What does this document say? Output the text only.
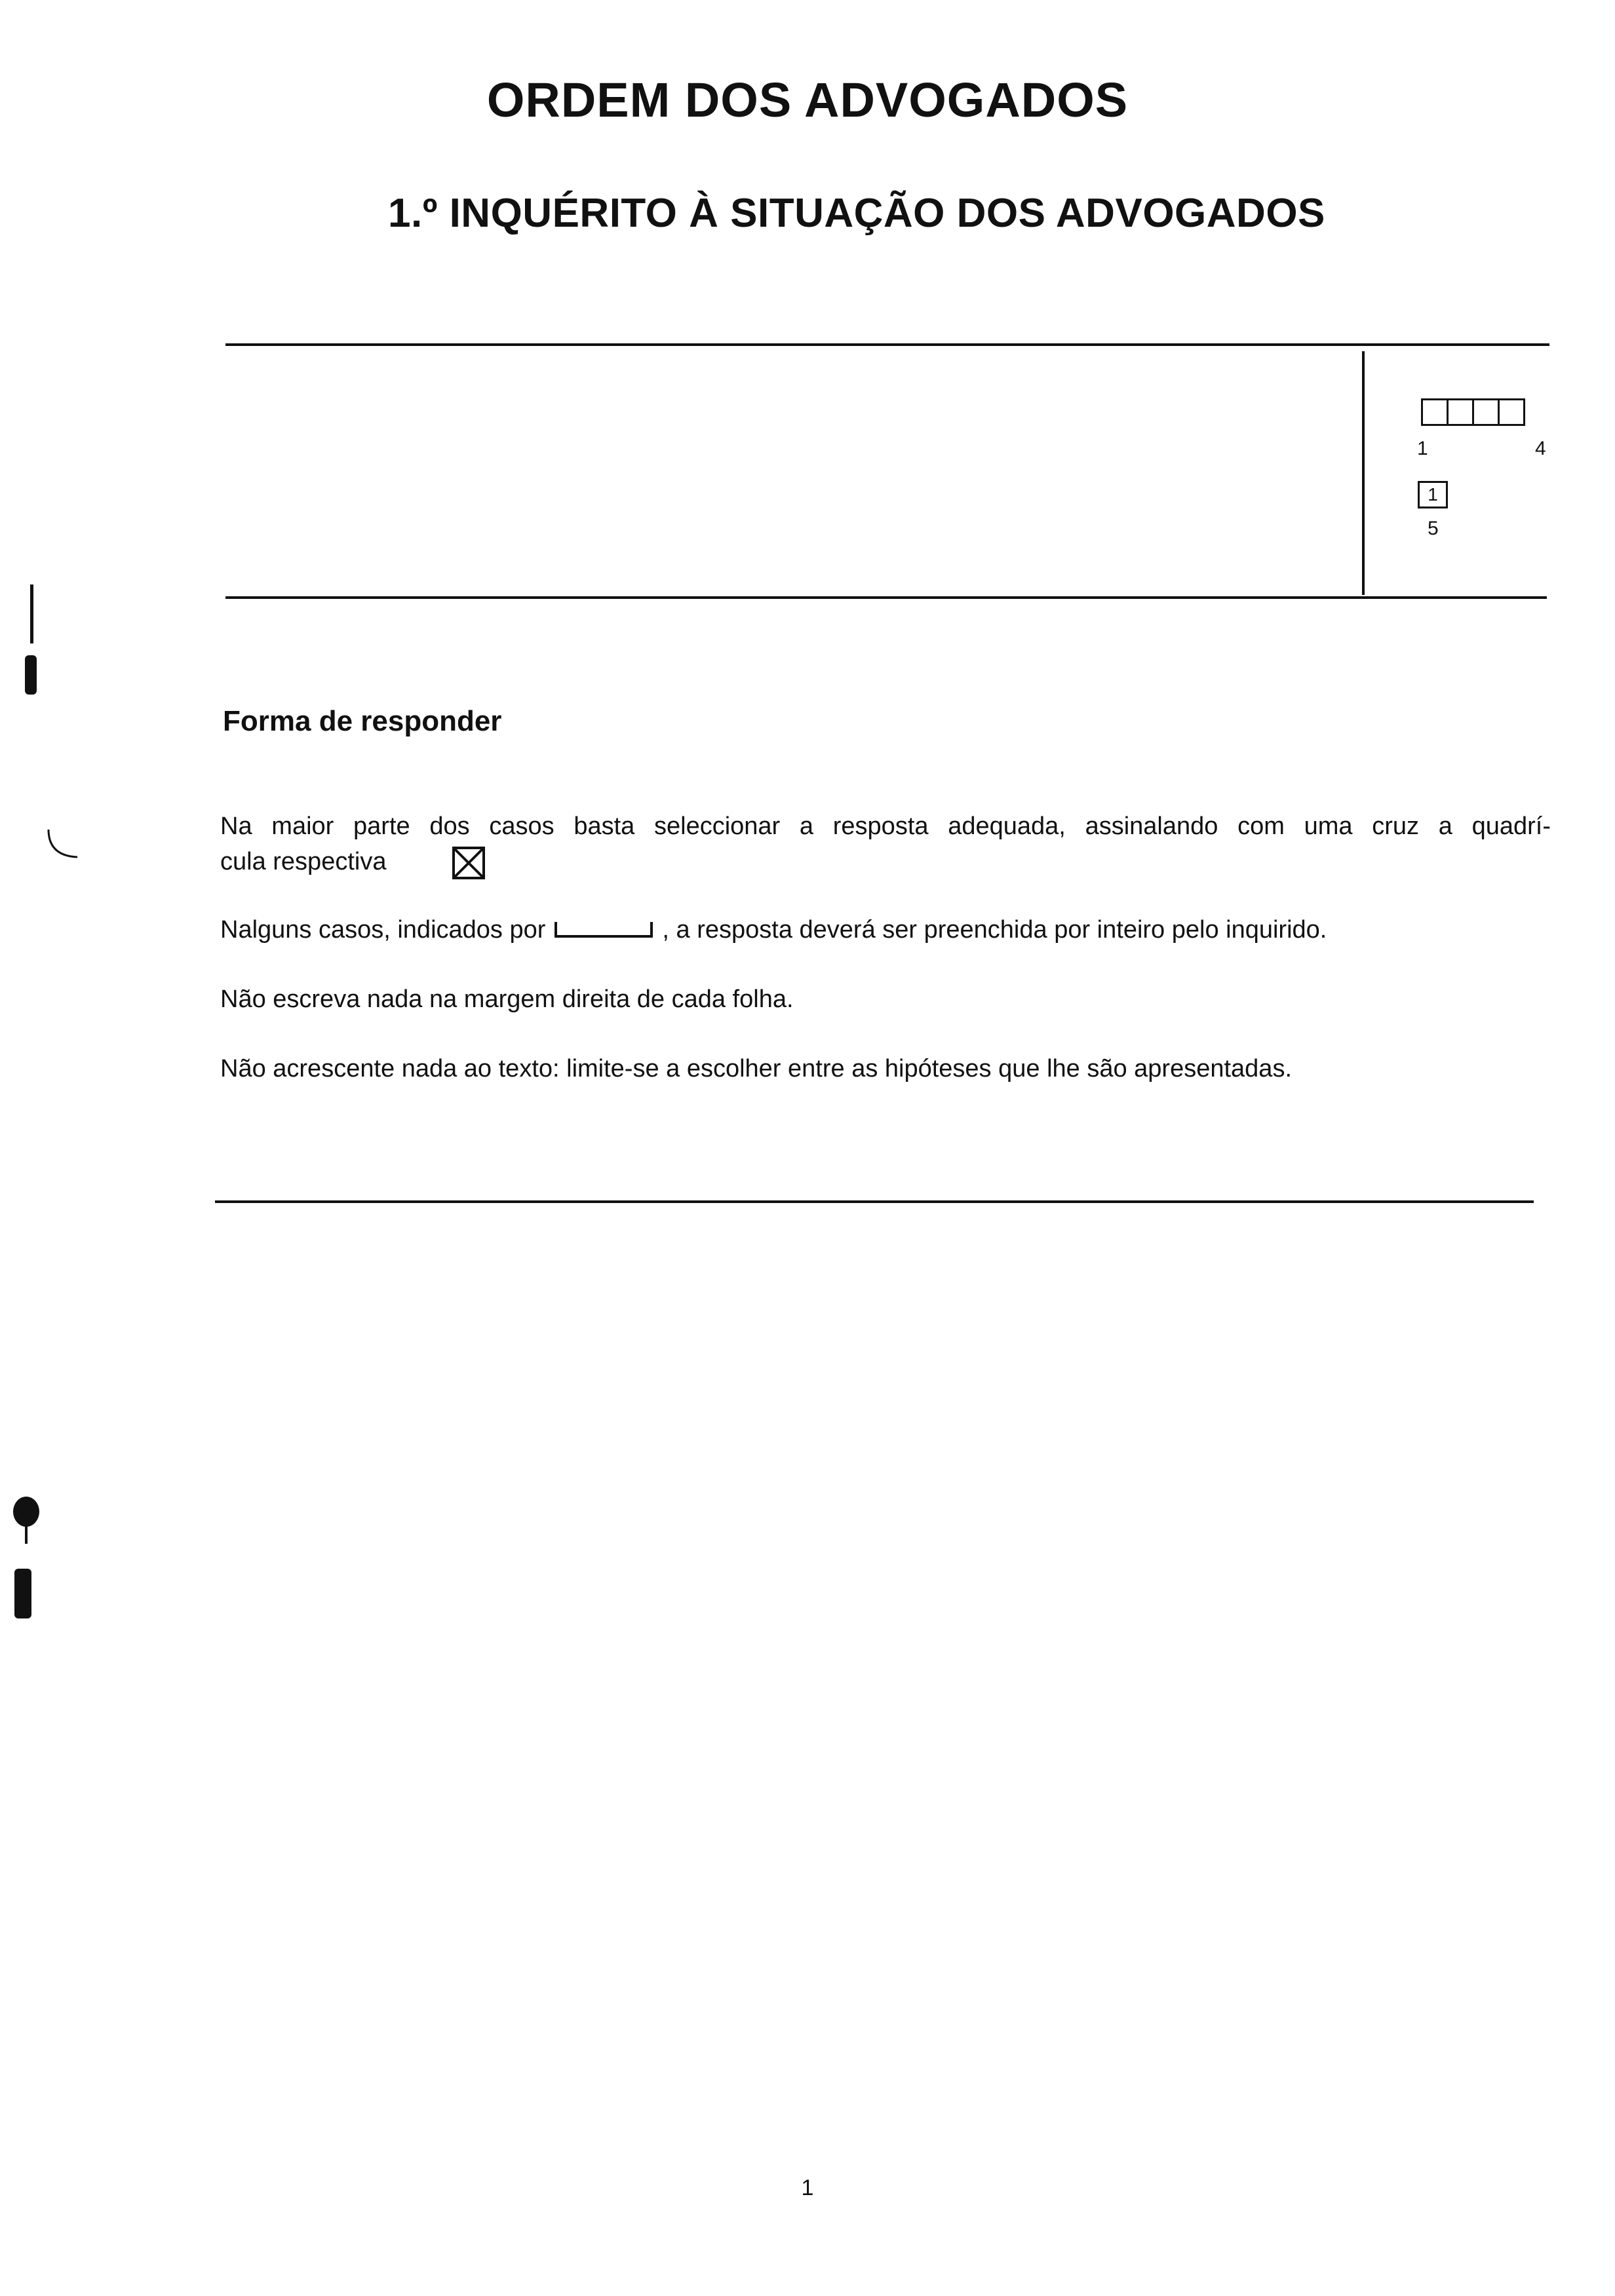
ORDEM DOS ADVOGADOS
1.º INQUÉRITO À SITUAÇÃO DOS ADVOGADOS
1	4
1
5
Forma de responder
Na maior parte dos casos basta seleccionar a resposta adequada, assinalando com uma cruz a quadrí-
cula respectiva
Nalguns casos, indicados por	, a resposta deverá ser preenchida por inteiro pelo inquirido.
Não escreva nada na margem direita de cada folha.
Não acrescente nada ao texto: limite-se a escolher entre as hipóteses que lhe são apresentadas.
1
